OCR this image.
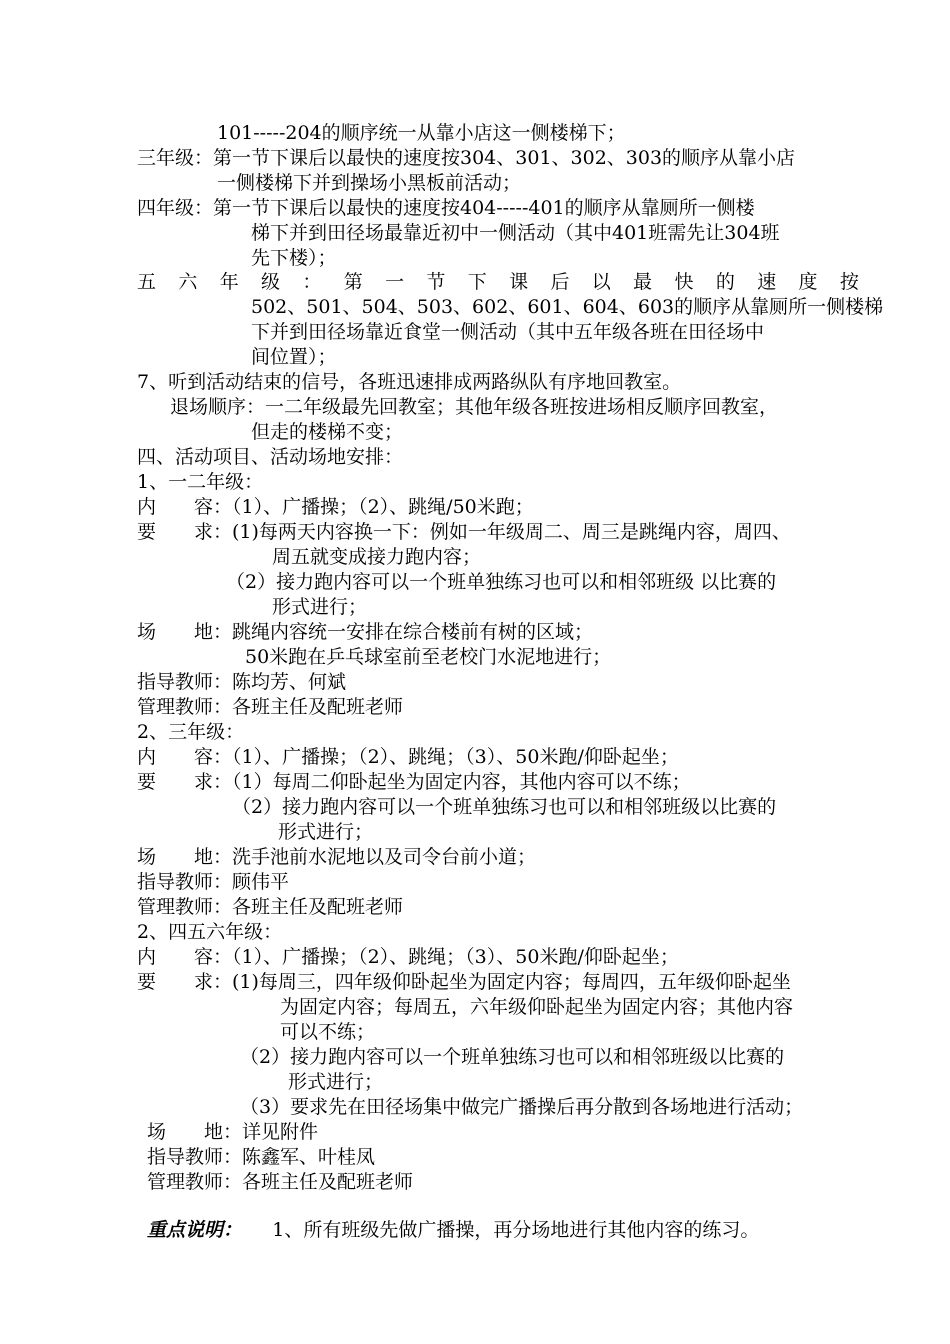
101-----204的顺序统一从靠小店这一侧楼梯下；
三年级：第一节下课后以最快的速度按304、301、302、303的顺序从靠小店
一侧楼梯下并到操场小黑板前活动；
四年级：第一节下课后以最快的速度按404-----401的顺序从靠厕所一侧楼
梯下并到田径场最靠近初中一侧活动（其中401班需先让304班
先下楼）；
五 六 年 级 ： 第 一 节 下 课 后 以 最 快 的 速 度 按
502、501、504、503、602、601、604、603的顺序从靠厕所一侧楼梯
下并到田径场靠近食堂一侧活动（其中五年级各班在田径场中
间位置）；
7、听到活动结束的信号，各班迅速排成两路纵队有序地回教室。
退场顺序：一二年级最先回教室；其他年级各班按进场相反顺序回教室，
但走的楼梯不变；
四、活动项目、活动场地安排：
1、一二年级：
内　　容：（1）、广播操；（2）、跳绳/50米跑；
要　　求：(1)每两天内容换一下：例如一年级周二、周三是跳绳内容，周四、
周五就变成接力跑内容；
（2）接力跑内容可以一个班单独练习也可以和相邻班级 以比赛的
形式进行；
场　　地：跳绳内容统一安排在综合楼前有树的区域；
50米跑在乒乓球室前至老校门水泥地进行；
指导教师：陈均芳、何斌
管理教师：各班主任及配班老师
2、三年级：
内　　容：（1）、广播操；（2）、跳绳；（3）、50米跑/仰卧起坐；
要　　求：（1）每周二仰卧起坐为固定内容，其他内容可以不练；
（2）接力跑内容可以一个班单独练习也可以和相邻班级以比赛的
形式进行；
场　　地：洗手池前水泥地以及司令台前小道；
指导教师：顾伟平
管理教师：各班主任及配班老师
2、四五六年级：
内　　容：（1）、广播操；（2）、跳绳；（3）、50米跑/仰卧起坐；
要　　求：(1)每周三，四年级仰卧起坐为固定内容；每周四，五年级仰卧起坐
为固定内容；每周五，六年级仰卧起坐为固定内容；其他内容
可以不练；
（2）接力跑内容可以一个班单独练习也可以和相邻班级以比赛的
形式进行；
（3）要求先在田径场集中做完广播操后再分散到各场地进行活动；
场　　地：详见附件
指导教师：陈鑫军、叶桂凤
管理教师：各班主任及配班老师
重点说明： 1、所有班级先做广播操，再分场地进行其他内容的练习。
